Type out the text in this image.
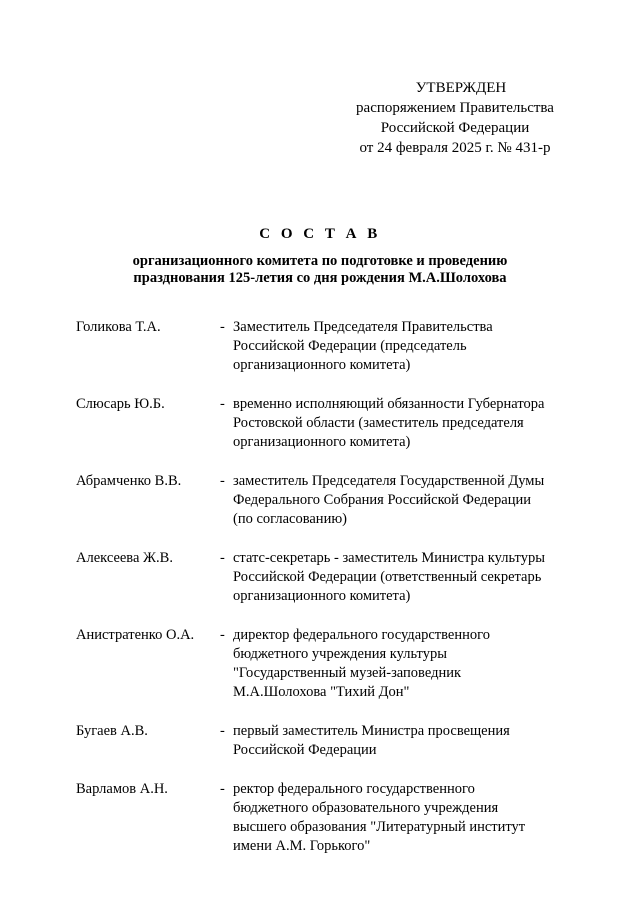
УТВЕРЖДЕН
распоряжением Правительства
Российской Федерации
от 24 февраля 2025 г. № 431-р
С О С Т А В
организационного комитета по подготовке и проведению
празднования 125-летия со дня рождения М.А.Шолохова
Голикова Т.А.	- Заместитель Председателя Правительства
Российской Федерации (председатель
организационного комитета)
Слюсарь Ю.Б.	- временно исполняющий обязанности Губернатора
Ростовской области (заместитель председателя
организационного комитета)
Абрамченко В.В.	- заместитель Председателя Государственной Думы
Федерального Собрания Российской Федерации
(по согласованию)
Алексеева Ж.В.	- статс-секретарь - заместитель Министра культуры
Российской Федерации (ответственный секретарь
организационного комитета)
Анистратенко О.А. - директор федерального государственного
бюджетного учреждения культуры
"Государственный музей-заповедник
М.А.Шолохова "Тихий Дон"
Бугаев А.В.	- первый заместитель Министра просвещения
Российской Федерации
Варламов А.Н.	- ректор федерального государственного
бюджетного образовательного учреждения
высшего образования "Литературный институт
имени А.М. Горького"
